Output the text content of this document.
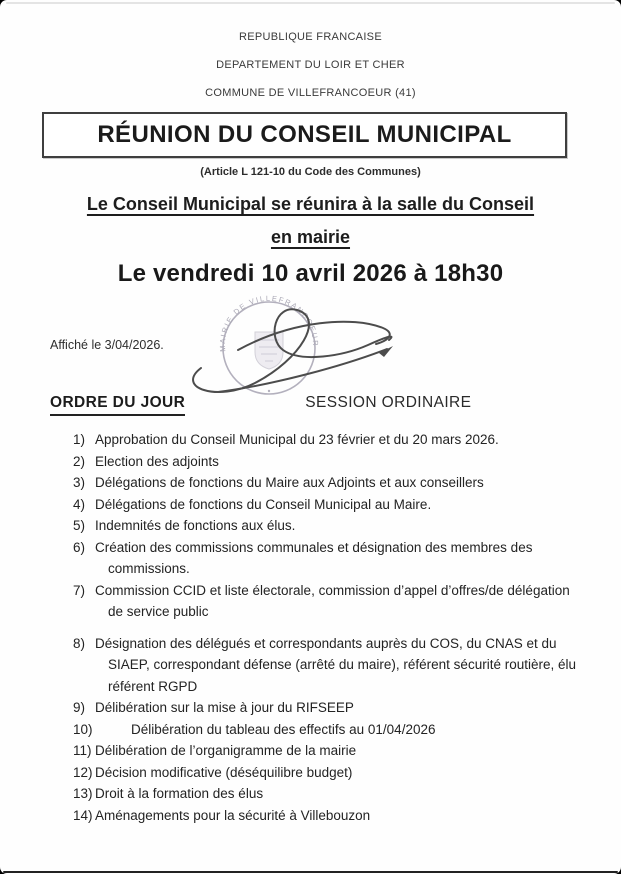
REPUBLIQUE FRANCAISE
DEPARTEMENT DU LOIR ET CHER
COMMUNE DE VILLEFRANCOEUR (41)
RÉUNION DU CONSEIL MUNICIPAL
(Article L 121-10 du Code des Communes)
Le Conseil Municipal se réunira à la salle du Conseil
en mairie
Le vendredi 10 avril 2026 à 18h30
Affiché le 3/04/2026.	MAIRIE DE VILLEFRANCOEUR
ORDRE DU JOUR	SESSION ORDINAIRE
1) Approbation du Conseil Municipal du 23 février et du 20 mars 2026.
2) Election des adjoints
3) Délégations de fonctions du Maire aux Adjoints et aux conseillers
4) Délégations de fonctions du Conseil Municipal au Maire.
5) Indemnités de fonctions aux élus.
6) Création des commissions communales et désignation des membres des commissions.
7) Commission CCID et liste électorale, commission d’appel d’offres/de délégation de service public
8) Désignation des délégués et correspondants auprès du COS, du CNAS et du SIAEP, correspondant défense (arrêté du maire), référent sécurité routière, élu référent RGPD
9) Délibération sur la mise à jour du RIFSEEP
10)	Délibération du tableau des effectifs au 01/04/2026
11) Délibération de l’organigramme de la mairie
12) Décision modificative (déséquilibre budget)
13) Droit à la formation des élus
14) Aménagements pour la sécurité à Villebouzon
